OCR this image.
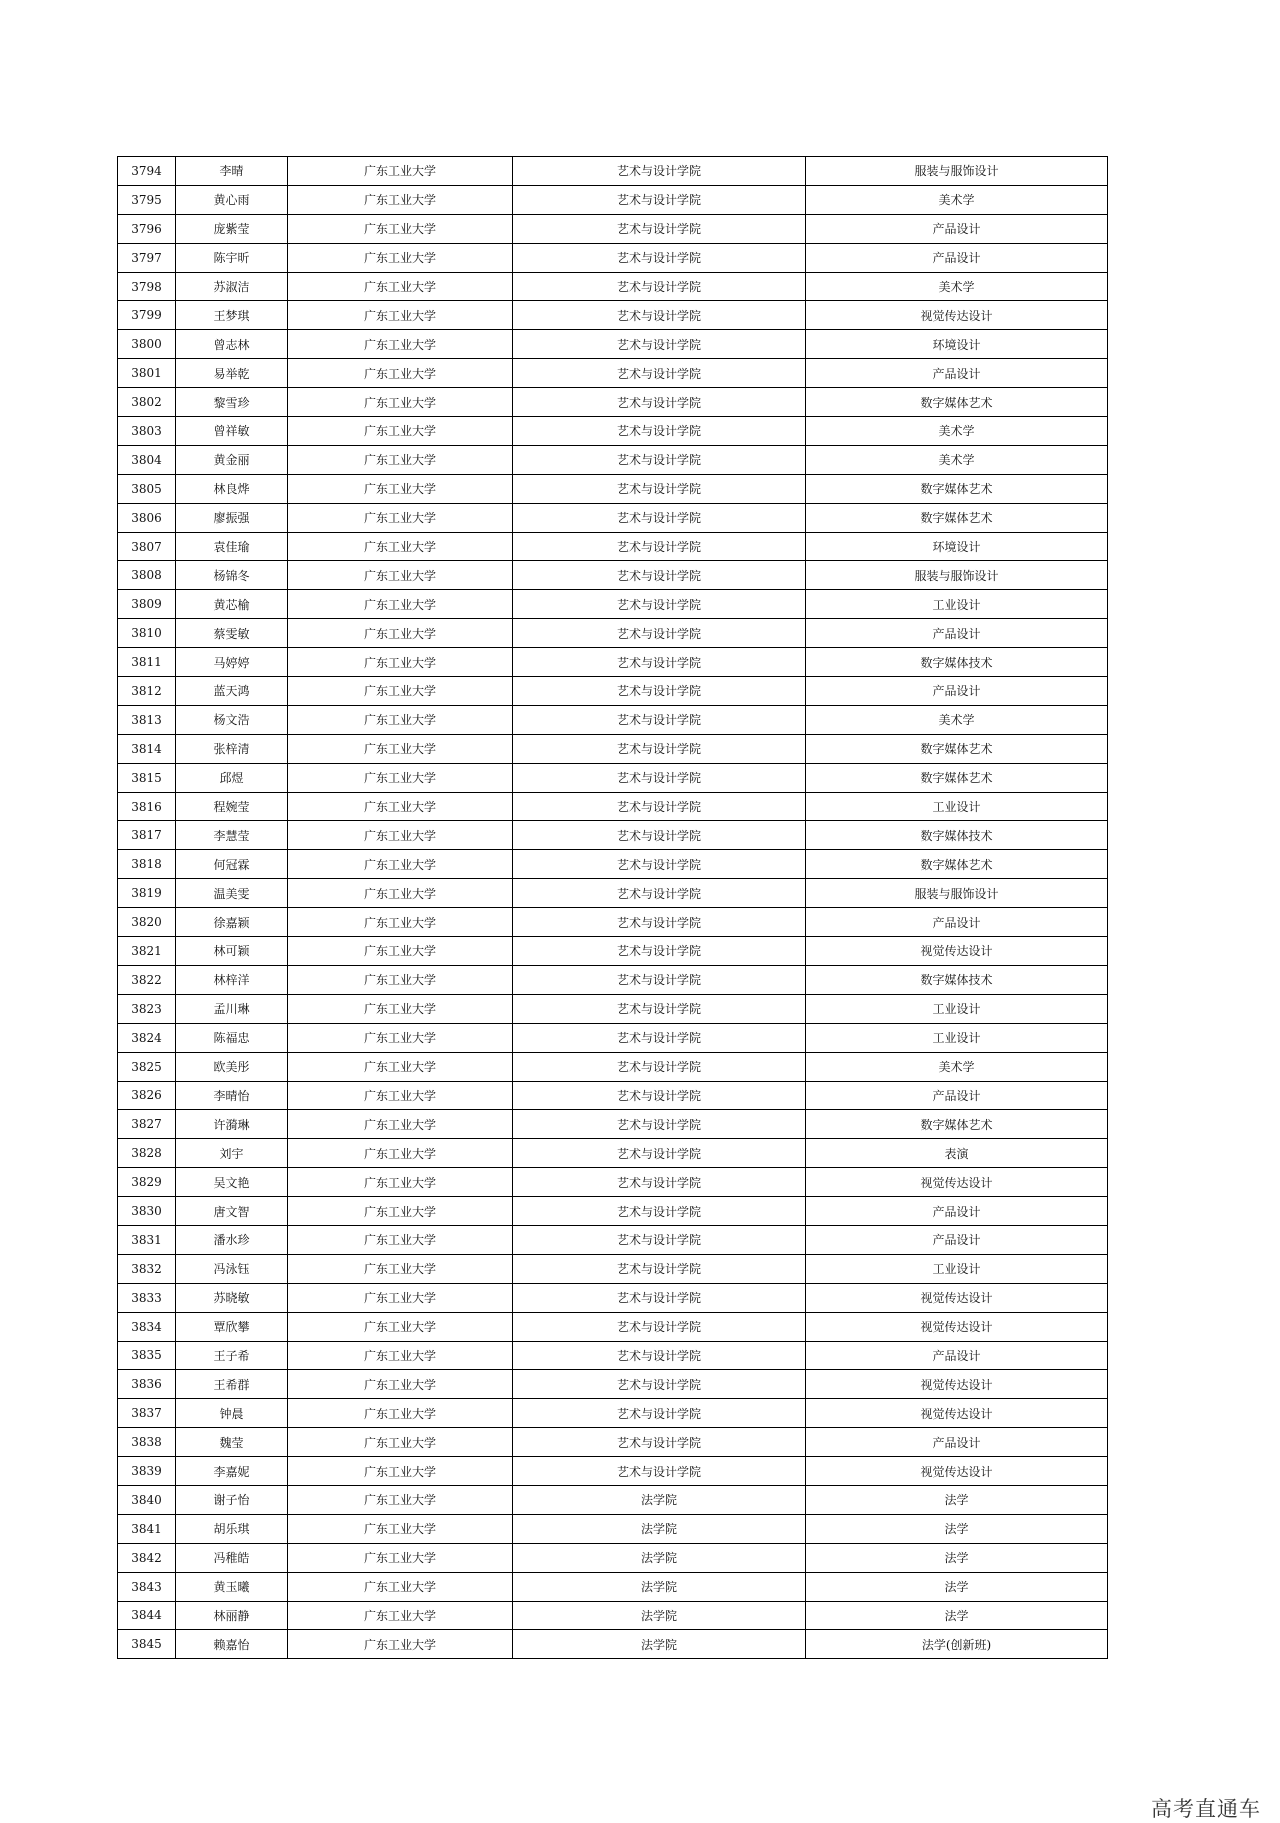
3794	李晴	广东工业大学	艺术与设计学院	服装与服饰设计
3795	黄心雨	广东工业大学	艺术与设计学院	美术学
3796	庞紫莹	广东工业大学	艺术与设计学院	产品设计
3797	陈宇昕	广东工业大学	艺术与设计学院	产品设计
3798	苏淑洁	广东工业大学	艺术与设计学院	美术学
3799	王梦琪	广东工业大学	艺术与设计学院	视觉传达设计
3800	曾志林	广东工业大学	艺术与设计学院	环境设计
3801	易举乾	广东工业大学	艺术与设计学院	产品设计
3802	黎雪珍	广东工业大学	艺术与设计学院	数字媒体艺术
3803	曾祥敏	广东工业大学	艺术与设计学院	美术学
3804	黄金丽	广东工业大学	艺术与设计学院	美术学
3805	林良烨	广东工业大学	艺术与设计学院	数字媒体艺术
3806	廖振强	广东工业大学	艺术与设计学院	数字媒体艺术
3807	袁佳瑜	广东工业大学	艺术与设计学院	环境设计
3808	杨锦冬	广东工业大学	艺术与设计学院	服装与服饰设计
3809	黄芯榆	广东工业大学	艺术与设计学院	工业设计
3810	蔡雯敏	广东工业大学	艺术与设计学院	产品设计
3811	马婷婷	广东工业大学	艺术与设计学院	数字媒体技术
3812	蓝天鸿	广东工业大学	艺术与设计学院	产品设计
3813	杨文浩	广东工业大学	艺术与设计学院	美术学
3814	张梓清	广东工业大学	艺术与设计学院	数字媒体艺术
3815	邱煜	广东工业大学	艺术与设计学院	数字媒体艺术
3816	程婉莹	广东工业大学	艺术与设计学院	工业设计
3817	李慧莹	广东工业大学	艺术与设计学院	数字媒体技术
3818	何冠霖	广东工业大学	艺术与设计学院	数字媒体艺术
3819	温美雯	广东工业大学	艺术与设计学院	服装与服饰设计
3820	徐嘉颖	广东工业大学	艺术与设计学院	产品设计
3821	林可颖	广东工业大学	艺术与设计学院	视觉传达设计
3822	林梓洋	广东工业大学	艺术与设计学院	数字媒体技术
3823	孟川琳	广东工业大学	艺术与设计学院	工业设计
3824	陈福忠	广东工业大学	艺术与设计学院	工业设计
3825	欧美彤	广东工业大学	艺术与设计学院	美术学
3826	李晴怡	广东工业大学	艺术与设计学院	产品设计
3827	许漪琳	广东工业大学	艺术与设计学院	数字媒体艺术
3828	刘宇	广东工业大学	艺术与设计学院	表演
3829	吴文艳	广东工业大学	艺术与设计学院	视觉传达设计
3830	唐文智	广东工业大学	艺术与设计学院	产品设计
3831	潘水珍	广东工业大学	艺术与设计学院	产品设计
3832	冯泳钰	广东工业大学	艺术与设计学院	工业设计
3833	苏晓敏	广东工业大学	艺术与设计学院	视觉传达设计
3834	覃欣攀	广东工业大学	艺术与设计学院	视觉传达设计
3835	王子希	广东工业大学	艺术与设计学院	产品设计
3836	王希群	广东工业大学	艺术与设计学院	视觉传达设计
3837	钟晨	广东工业大学	艺术与设计学院	视觉传达设计
3838	魏莹	广东工业大学	艺术与设计学院	产品设计
3839	李嘉妮	广东工业大学	艺术与设计学院	视觉传达设计
3840	谢子怡	广东工业大学	法学院	法学
3841	胡乐琪	广东工业大学	法学院	法学
3842	冯稚皓	广东工业大学	法学院	法学
3843	黄玉曦	广东工业大学	法学院	法学
3844	林丽静	广东工业大学	法学院	法学
3845	赖嘉怡	广东工业大学	法学院	法学(创新班)
高考直通车
